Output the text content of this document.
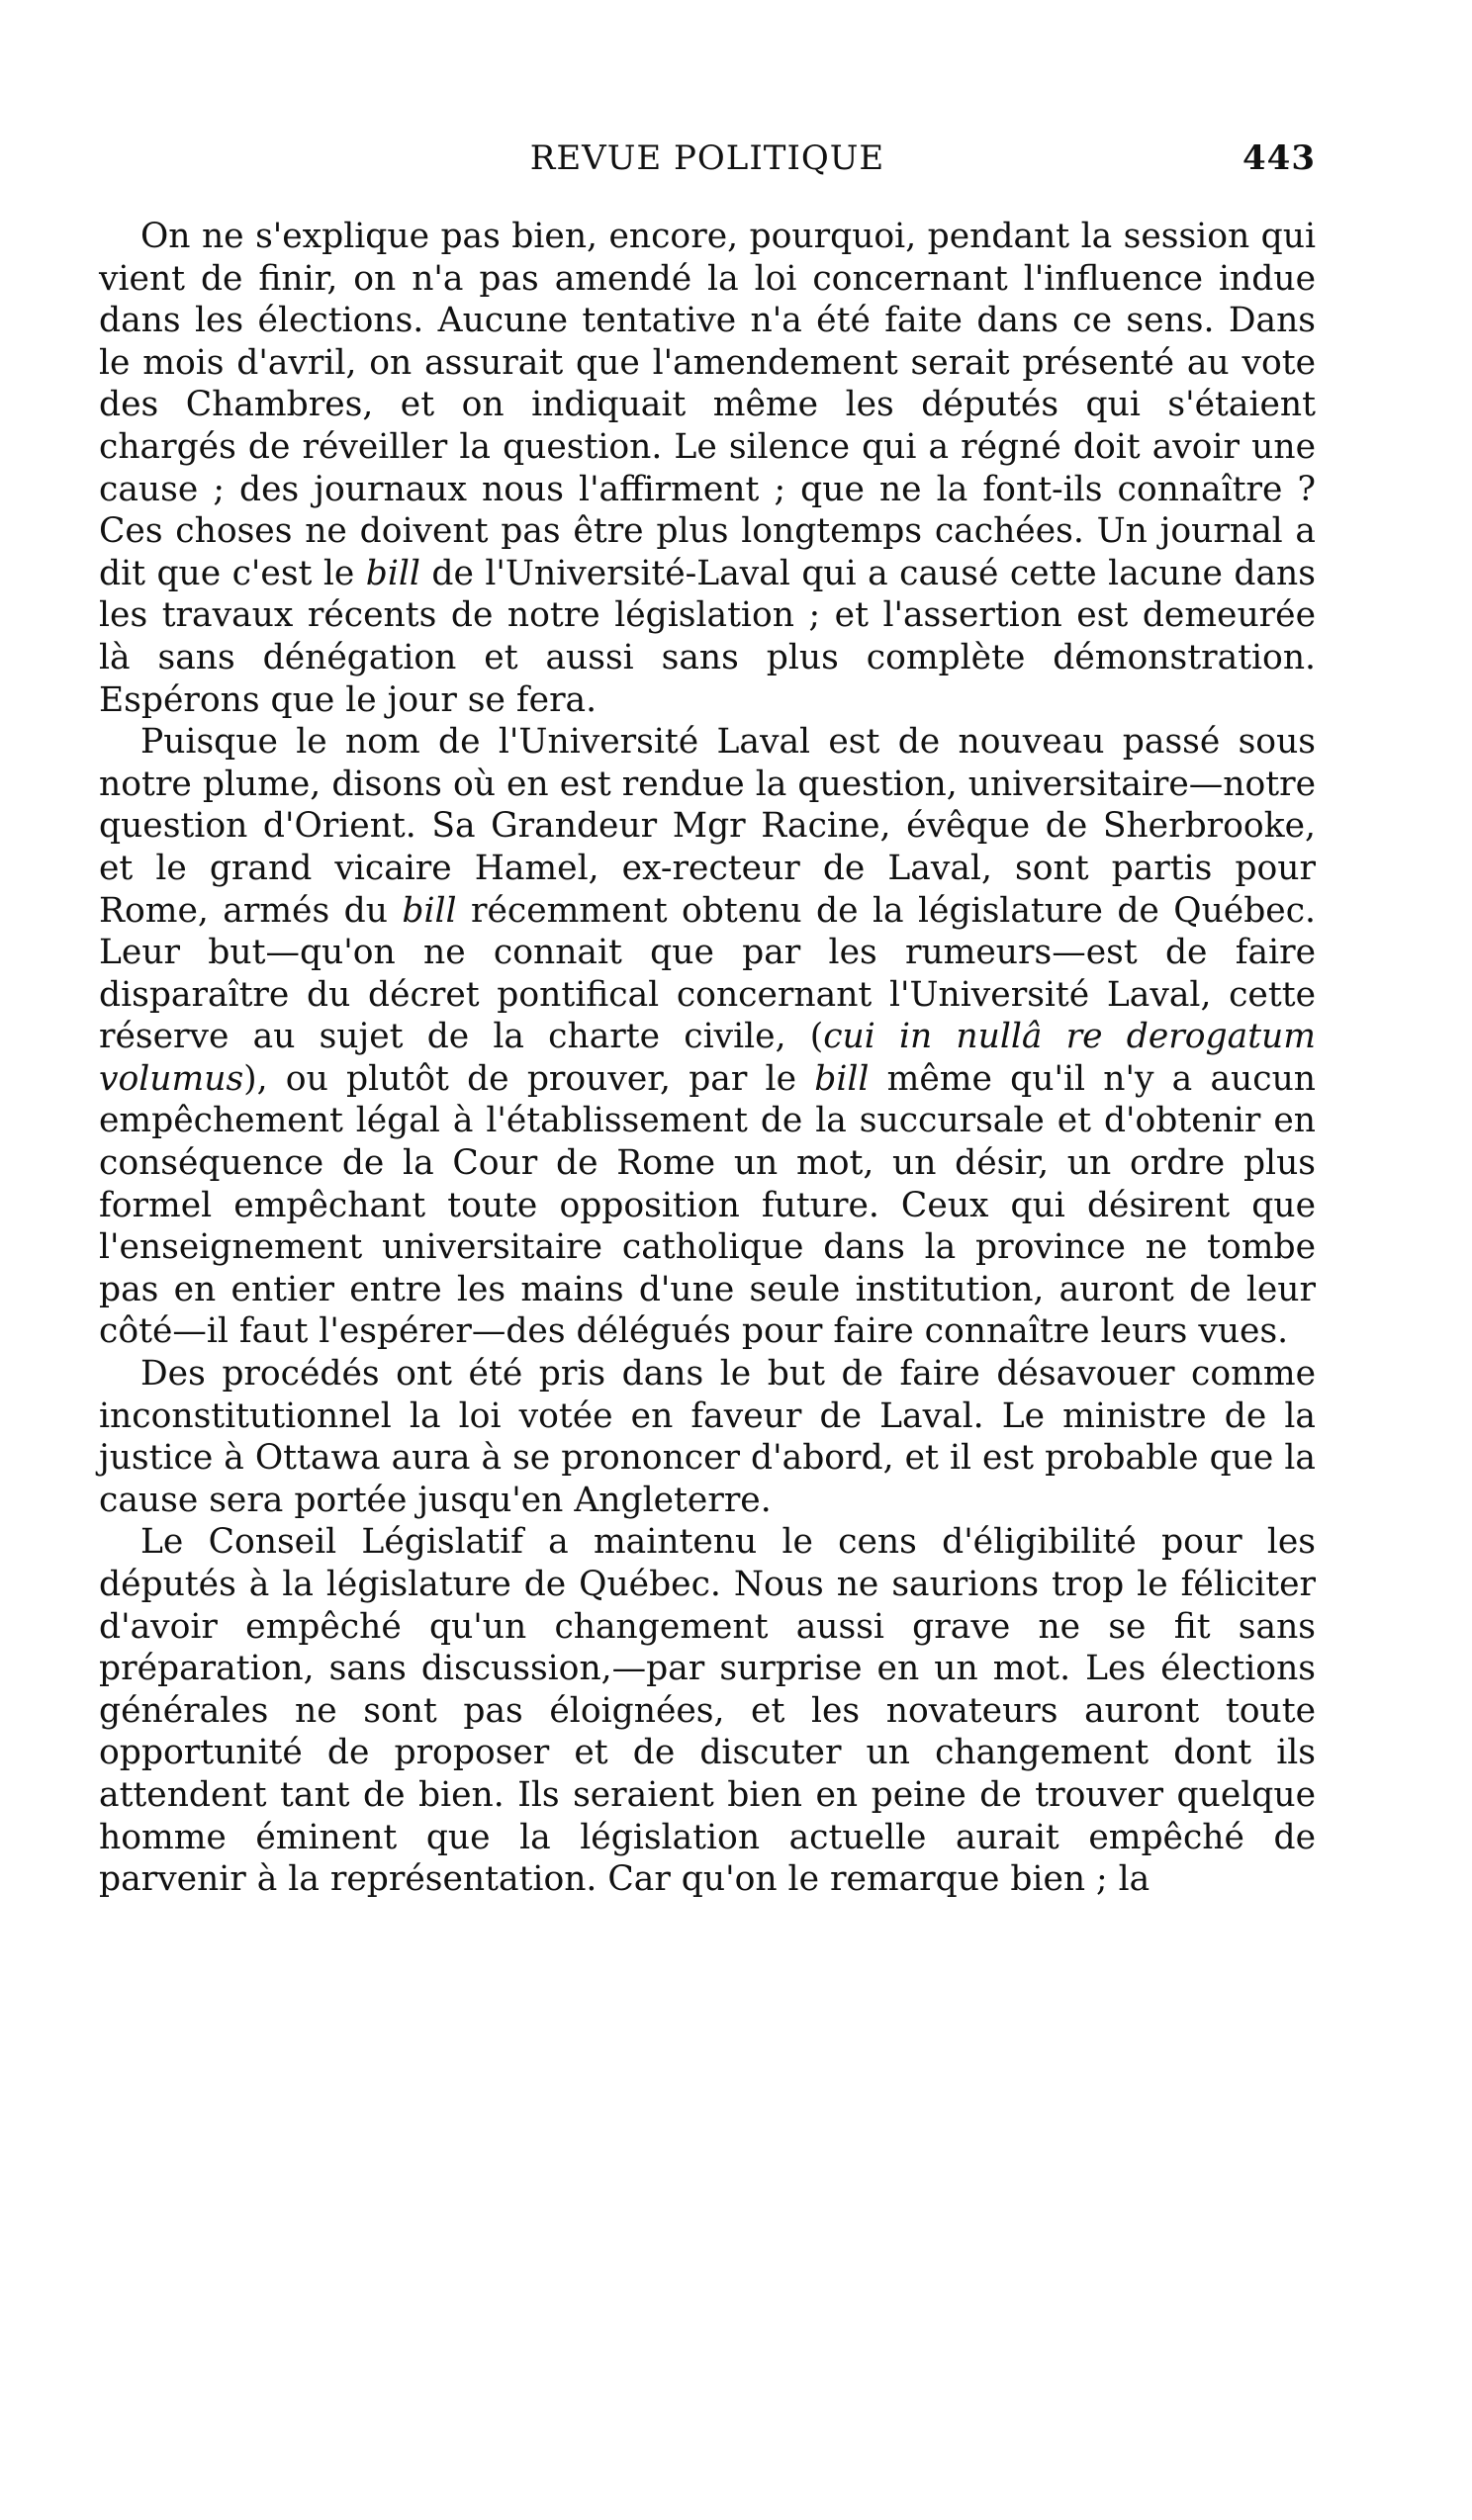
REVUE POLITIQUE	443

On ne s'explique pas bien, encore, pourquoi, pendant la session qui vient de finir, on n'a pas amendé la loi concernant l'influence indue dans les élections. Aucune tentative n'a été faite dans ce sens. Dans le mois d'avril, on assurait que l'amendement serait présenté au vote des Chambres, et on indiquait même les députés qui s'étaient chargés de réveiller la question. Le silence qui a régné doit avoir une cause ; des journaux nous l'affirment ; que ne la font-ils connaître ? Ces choses ne doivent pas être plus longtemps cachées. Un journal a dit que c'est le bill de l'Université-Laval qui a causé cette lacune dans les travaux récents de notre législation ; et l'assertion est demeurée là sans dénégation et aussi sans plus complète démonstration. Espérons que le jour se fera.

Puisque le nom de l'Université Laval est de nouveau passé sous notre plume, disons où en est rendue la question, universitaire—notre question d'Orient. Sa Grandeur Mgr Racine, évêque de Sherbrooke, et le grand vicaire Hamel, ex-recteur de Laval, sont partis pour Rome, armés du bill récemment obtenu de la législature de Québec. Leur but—qu'on ne connait que par les rumeurs—est de faire disparaître du décret pontifical concernant l'Université Laval, cette réserve au sujet de la charte civile, (cui in nullâ re derogatum volumus), ou plutôt de prouver, par le bill même qu'il n'y a aucun empêchement légal à l'établissement de la succursale et d'obtenir en conséquence de la Cour de Rome un mot, un désir, un ordre plus formel empêchant toute opposition future. Ceux qui désirent que l'enseignement universitaire catholique dans la province ne tombe pas en entier entre les mains d'une seule institution, auront de leur côté—il faut l'espérer—des délégués pour faire connaître leurs vues.

Des procédés ont été pris dans le but de faire désavouer comme inconstitutionnel la loi votée en faveur de Laval. Le ministre de la justice à Ottawa aura à se prononcer d'abord, et il est probable que la cause sera portée jusqu'en Angleterre.

Le Conseil Législatif a maintenu le cens d'éligibilité pour les députés à la législature de Québec. Nous ne saurions trop le féliciter d'avoir empêché qu'un changement aussi grave ne se fit sans préparation, sans discussion,—par surprise en un mot. Les élections générales ne sont pas éloignées, et les novateurs auront toute opportunité de proposer et de discuter un changement dont ils attendent tant de bien. Ils seraient bien en peine de trouver quelque homme éminent que la législation actuelle aurait empêché de parvenir à la représentation. Car qu'on le remarque bien ; la
